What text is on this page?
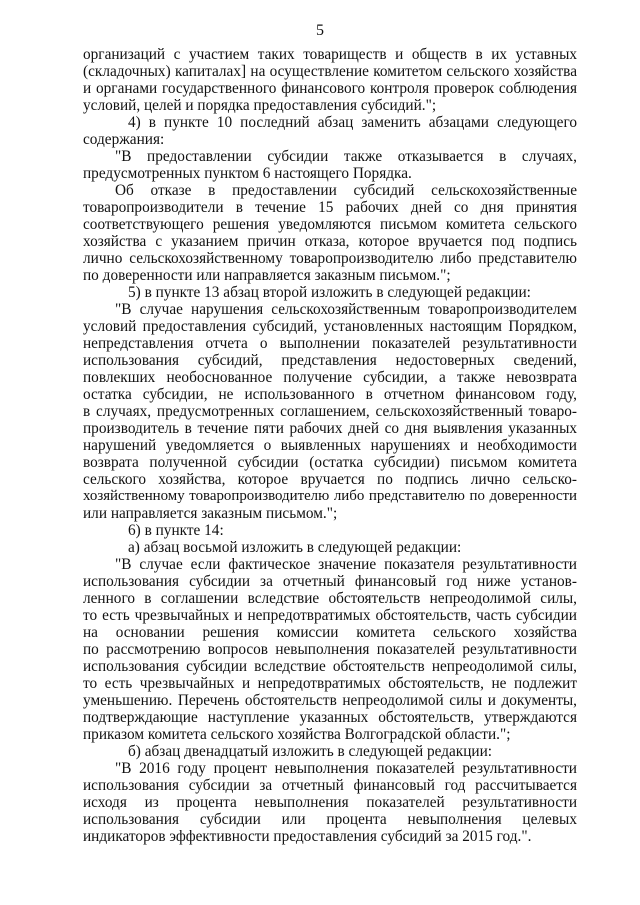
5
организаций с участием таких товариществ и обществ в их уставных
(складочных) капиталах] на осуществление комитетом сельского хозяйства
и органами государственного финансового контроля проверок соблюдения
условий, целей и порядка предоставления субсидий.";
4) в пункте 10 последний абзац заменить абзацами следующего
содержания:
"В предоставлении субсидии также отказывается в случаях,
предусмотренных пунктом 6 настоящего Порядка.
Об отказе в предоставлении субсидий сельскохозяйственные
товаропроизводители в течение 15 рабочих дней со дня принятия
соответствующего решения уведомляются письмом комитета сельского
хозяйства с указанием причин отказа, которое вручается под подпись
лично сельскохозяйственному товаропроизводителю либо представителю
по доверенности или направляется заказным письмом.";
5) в пункте 13 абзац второй изложить в следующей редакции:
"В случае нарушения сельскохозяйственным товаропроизводителем
условий предоставления субсидий, установленных настоящим Порядком,
непредставления отчета о выполнении показателей результативности
использования субсидий, представления недостоверных сведений,
повлекших необоснованное получение субсидии, а также невозврата
остатка субсидии, не использованного в отчетном финансовом году,
в случаях, предусмотренных соглашением, сельскохозяйственный товаро-
производитель в течение пяти рабочих дней со дня выявления указанных
нарушений уведомляется о выявленных нарушениях и необходимости
возврата полученной субсидии (остатка субсидии) письмом комитета
сельского хозяйства, которое вручается по подпись лично сельско-
хозяйственному товаропроизводителю либо представителю по доверенности
или направляется заказным письмом.";
6) в пункте 14:
а) абзац восьмой изложить в следующей редакции:
"В случае если фактическое значение показателя результативности
использования субсидии за отчетный финансовый год ниже установ-
ленного в соглашении вследствие обстоятельств непреодолимой силы,
то есть чрезвычайных и непредотвратимых обстоятельств, часть субсидии
на основании решения комиссии комитета сельского хозяйства
по рассмотрению вопросов невыполнения показателей результативности
использования субсидии вследствие обстоятельств непреодолимой силы,
то есть чрезвычайных и непредотвратимых обстоятельств, не подлежит
уменьшению. Перечень обстоятельств непреодолимой силы и документы,
подтверждающие наступление указанных обстоятельств, утверждаются
приказом комитета сельского хозяйства Волгоградской области.";
б) абзац двенадцатый изложить в следующей редакции:
"В 2016 году процент невыполнения показателей результативности
использования субсидии за отчетный финансовый год рассчитывается
исходя из процента невыполнения показателей результативности
использования субсидии или процента невыполнения целевых
индикаторов эффективности предоставления субсидий за 2015 год.".
